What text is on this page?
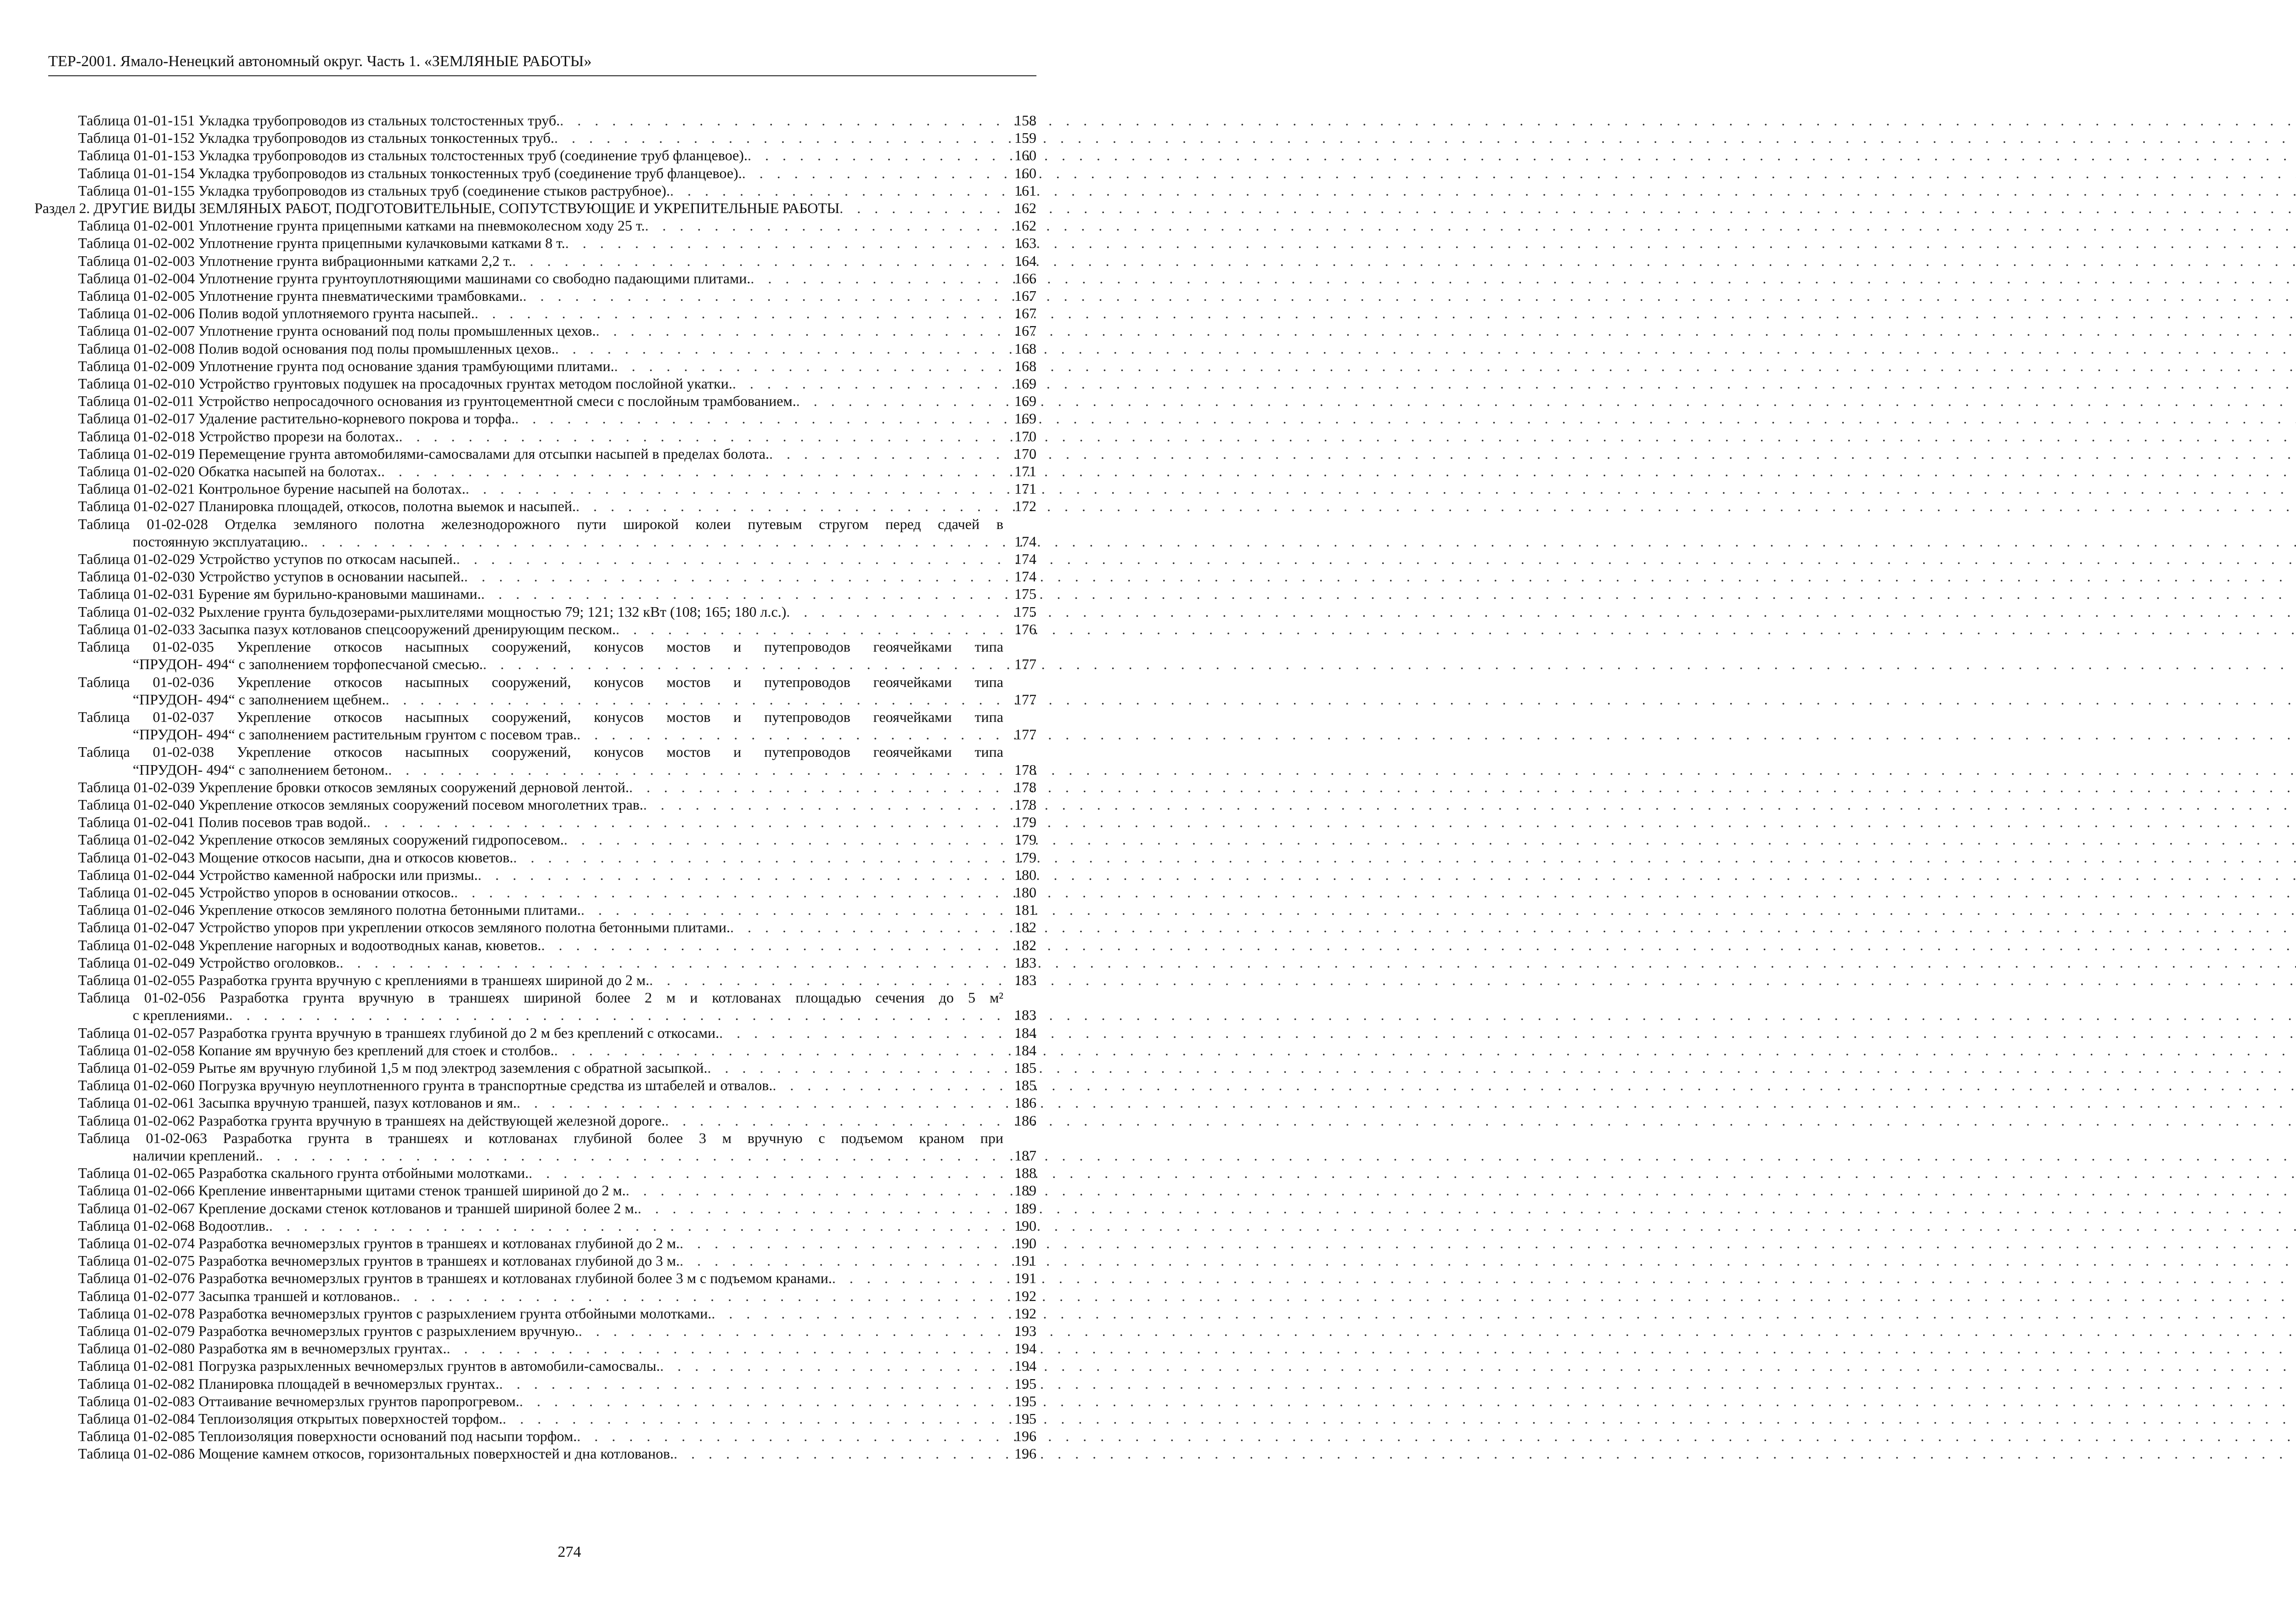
ТЕР-2001. Ямало-Ненецкий автономный округ. Часть 1. «ЗЕМЛЯНЫЕ РАБОТЫ»
Таблица 01-01-151 Укладка трубопроводов из стальных толстостенных труб. . . .	158
Таблица 01-01-152 Укладка трубопроводов из стальных тонкостенных труб. . . .	159
Таблица 01-01-153 Укладка трубопроводов из стальных толстостенных труб (соединение труб фланцевое). . . .	160
Таблица 01-01-154 Укладка трубопроводов из стальных тонкостенных труб (соединение труб фланцевое). . . .	160
Таблица 01-01-155 Укладка трубопроводов из стальных труб (соединение стыков раструбное). . . .	161
Раздел 2. ДРУГИЕ ВИДЫ ЗЕМЛЯНЫХ РАБОТ, ПОДГОТОВИТЕЛЬНЫЕ, СОПУТСТВУЮЩИЕ И УКРЕПИТЕЛЬНЫЕ РАБОТЫ . . .	162
Таблица 01-02-001 Уплотнение грунта прицепными катками на пневмоколесном ходу 25 т. . . .	162
Таблица 01-02-002 Уплотнение грунта прицепными кулачковыми катками 8 т. . . .	163
Таблица 01-02-003 Уплотнение грунта вибрационными катками 2,2 т. . . .	164
Таблица 01-02-004 Уплотнение грунта грунтоуплотняющими машинами со свободно падающими плитами. . . .	166
Таблица 01-02-005 Уплотнение грунта пневматическими трамбовками. . . .	167
Таблица 01-02-006 Полив водой уплотняемого грунта насыпей. . . .	167
Таблица 01-02-007 Уплотнение грунта оснований под полы промышленных цехов. . . .	167
Таблица 01-02-008 Полив водой основания под полы промышленных цехов. . . .	168
Таблица 01-02-009 Уплотнение грунта под основание здания трамбующими плитами. . . .	168
Таблица 01-02-010 Устройство грунтовых подушек на просадочных грунтах методом послойной укатки. . . .	169
Таблица 01-02-011 Устройство непросадочного основания из грунтоцементной смеси с послойным трамбованием. . . .	169
Таблица 01-02-017 Удаление растительно-корневого покрова и торфа. . . .	169
Таблица 01-02-018 Устройство прорези на болотах. . . .	170
Таблица 01-02-019 Перемещение грунта автомобилями-самосвалами для отсыпки насыпей в пределах болота. . . .	170
Таблица 01-02-020 Обкатка насыпей на болотах. . . .	171
Таблица 01-02-021 Контрольное бурение насыпей на болотах. . . .	171
Таблица 01-02-027 Планировка площадей, откосов, полотна выемок и насыпей. . . .	172
Таблица 01-02-028 Отделка земляного полотна железнодорожного пути широкой колеи путевым стругом перед сдачей в
постоянную эксплуатацию. . . .	174
Таблица 01-02-029 Устройство уступов по откосам насыпей. . . .	174
Таблица 01-02-030 Устройство уступов в основании насыпей. . . .	174
Таблица 01-02-031 Бурение ям бурильно-крановыми машинами. . . .	175
Таблица 01-02-032 Рыхление грунта бульдозерами-рыхлителями мощностью 79; 121; 132 кВт (108; 165; 180 л.с.) . . .	175
Таблица 01-02-033 Засыпка пазух котлованов спецсооружений дренирующим песком. . . .	176
Таблица 01-02-035 Укрепление откосов насыпных сооружений, конусов мостов и путепроводов геоячейками типа
“ПРУДОН- 494“ с заполнением торфопесчаной смесью. . . .	177
Таблица 01-02-036 Укрепление откосов насыпных сооружений, конусов мостов и путепроводов геоячейками типа
“ПРУДОН- 494“ с заполнением щебнем. . . .	177
Таблица 01-02-037 Укрепление откосов насыпных сооружений, конусов мостов и путепроводов геоячейками типа
“ПРУДОН- 494“ с заполнением растительным грунтом с посевом трав. . . .	177
Таблица 01-02-038 Укрепление откосов насыпных сооружений, конусов мостов и путепроводов геоячейками типа
“ПРУДОН- 494“ с заполнением бетоном. . . .	178
Таблица 01-02-039 Укрепление бровки откосов земляных сооружений дерновой лентой. . . .	178
Таблица 01-02-040 Укрепление откосов земляных сооружений посевом многолетних трав. . . .	178
Таблица 01-02-041 Полив посевов трав водой. . . .	179
Таблица 01-02-042 Укрепление откосов земляных сооружений гидропосевом. . . .	179
Таблица 01-02-043 Мощение откосов насыпи, дна и откосов кюветов. . . .	179
Таблица 01-02-044 Устройство каменной наброски или призмы. . . .	180
Таблица 01-02-045 Устройство упоров в основании откосов. . . .	180
Таблица 01-02-046 Укрепление откосов земляного полотна бетонными плитами. . . .	181
Таблица 01-02-047 Устройство упоров при укреплении откосов земляного полотна бетонными плитами. . . .	182
Таблица 01-02-048 Укрепление нагорных и водоотводных канав, кюветов. . . .	182
Таблица 01-02-049 Устройство оголовков. . . .	183
Таблица 01-02-055 Разработка грунта вручную с креплениями в траншеях шириной до 2 м. . . .	183
Таблица 01-02-056 Разработка грунта вручную в траншеях шириной более 2 м и котлованах площадью сечения до 5 м²
с креплениями. . . .	183
Таблица 01-02-057 Разработка грунта вручную в траншеях глубиной до 2 м без креплений с откосами. . . .	184
Таблица 01-02-058 Копание ям вручную без креплений для стоек и столбов. . . .	184
Таблица 01-02-059 Рытье ям вручную глубиной 1,5 м под электрод заземления с обратной засыпкой. . . .	185
Таблица 01-02-060 Погрузка вручную неуплотненного грунта в транспортные средства из штабелей и отвалов. . . .	185
Таблица 01-02-061 Засыпка вручную траншей, пазух котлованов и ям. . . .	186
Таблица 01-02-062 Разработка грунта вручную в траншеях на действующей железной дороге. . . .	186
Таблица 01-02-063 Разработка грунта в траншеях и котлованах глубиной более 3 м вручную с подъемом краном при
наличии креплений. . . .	187
Таблица 01-02-065 Разработка скального грунта отбойными молотками. . . .	188
Таблица 01-02-066 Крепление инвентарными щитами стенок траншей шириной до 2 м. . . .	189
Таблица 01-02-067 Крепление досками стенок котлованов и траншей шириной более 2 м. . . .	189
Таблица 01-02-068 Водоотлив. . . .	190
Таблица 01-02-074 Разработка вечномерзлых грунтов в траншеях и котлованах глубиной до 2 м. . . .	190
Таблица 01-02-075 Разработка вечномерзлых грунтов в траншеях и котлованах глубиной до 3 м. . . .	191
Таблица 01-02-076 Разработка вечномерзлых грунтов в траншеях и котлованах глубиной более 3 м с подъемом кранами. . . .	191
Таблица 01-02-077 Засыпка траншей и котлованов. . . .	192
Таблица 01-02-078 Разработка вечномерзлых грунтов с разрыхлением грунта отбойными молотками. . . .	192
Таблица 01-02-079 Разработка вечномерзлых грунтов с разрыхлением вручную. . . .	193
Таблица 01-02-080 Разработка ям в вечномерзлых грунтах. . . .	194
Таблица 01-02-081 Погрузка разрыхленных вечномерзлых грунтов в автомобили-самосвалы. . . .	194
Таблица 01-02-082 Планировка площадей в вечномерзлых грунтах. . . .	195
Таблица 01-02-083 Оттаивание вечномерзлых грунтов паропрогревом. . . .	195
Таблица 01-02-084 Теплоизоляция открытых поверхностей торфом. . . .	195
Таблица 01-02-085 Теплоизоляция поверхности оснований под насыпи торфом. . . .	196
Таблица 01-02-086 Мощение камнем откосов, горизонтальных поверхностей и дна котлованов. . . .	196
274
